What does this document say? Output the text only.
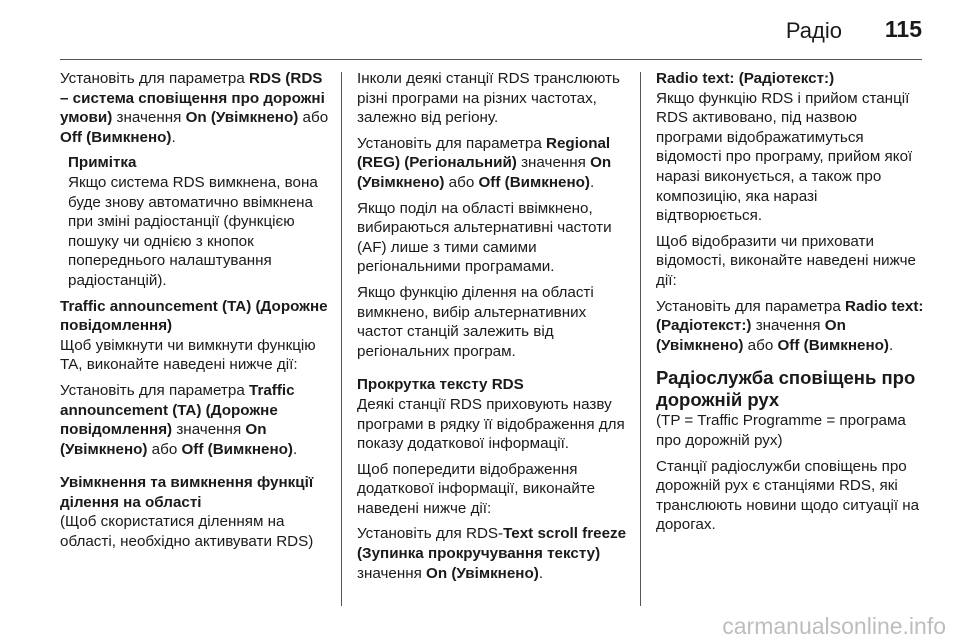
Радіо 115

Установіть для параметра RDS (RDS – система сповіщення про дорожні умови) значення On (Увімкнено) або Off (Вимкнено).

Примітка
Якщо система RDS вимкнена, вона буде знову автоматично ввімкнена при зміні радіостанції (функцією пошуку чи однією з кнопок попереднього налаштування радіостанцій).

Traffic announcement (TA) (Дорожне повідомлення)

Щоб увімкнути чи вимкнути функцію TA, виконайте наведені нижче дії:

Установіть для параметра Traffic announcement (TA) (Дорожне повідомлення) значення On (Увімкнено) або Off (Вимкнено).

Увімкнення та вимкнення функції ділення на області

(Щоб скористатися діленням на області, необхідно активувати RDS)

Інколи деякі станції RDS транслюють різні програми на різних частотах, залежно від регіону.

Установіть для параметра Regional (REG) (Регіональний) значення On (Увімкнено) або Off (Вимкнено).

Якщо поділ на області ввімкнено, вибираються альтернативні частоти (AF) лише з тими самими регіональними програмами.

Якщо функцію ділення на області вимкнено, вибір альтернативних частот станцій залежить від регіональних програм.

Прокрутка тексту RDS

Деякі станції RDS приховують назву програми в рядку її відображення для показу додаткової інформації.

Щоб попередити відображення додаткової інформації, виконайте наведені нижче дії:

Установіть для RDS-Text scroll freeze (Зупинка прокручування тексту) значення On (Увімкнено).

Radio text: (Радіотекст:)

Якщо функцію RDS і прийом станції RDS активовано, під назвою програми відображатимуться відомості про програму, прийом якої наразі виконується, а також про композицію, яка наразі відтворюється.

Щоб відобразити чи приховати відомості, виконайте наведені нижче дії:

Установіть для параметра Radio text: (Радіотекст:) значення On (Увімкнено) або Off (Вимкнено).

Радіослужба сповіщень про дорожній рух

(TP = Traffic Programme = програма про дорожній рух)

Станції радіослужби сповіщень про дорожній рух є станціями RDS, які транслюють новини щодо ситуації на дорогах.

carmanualsonline.info
